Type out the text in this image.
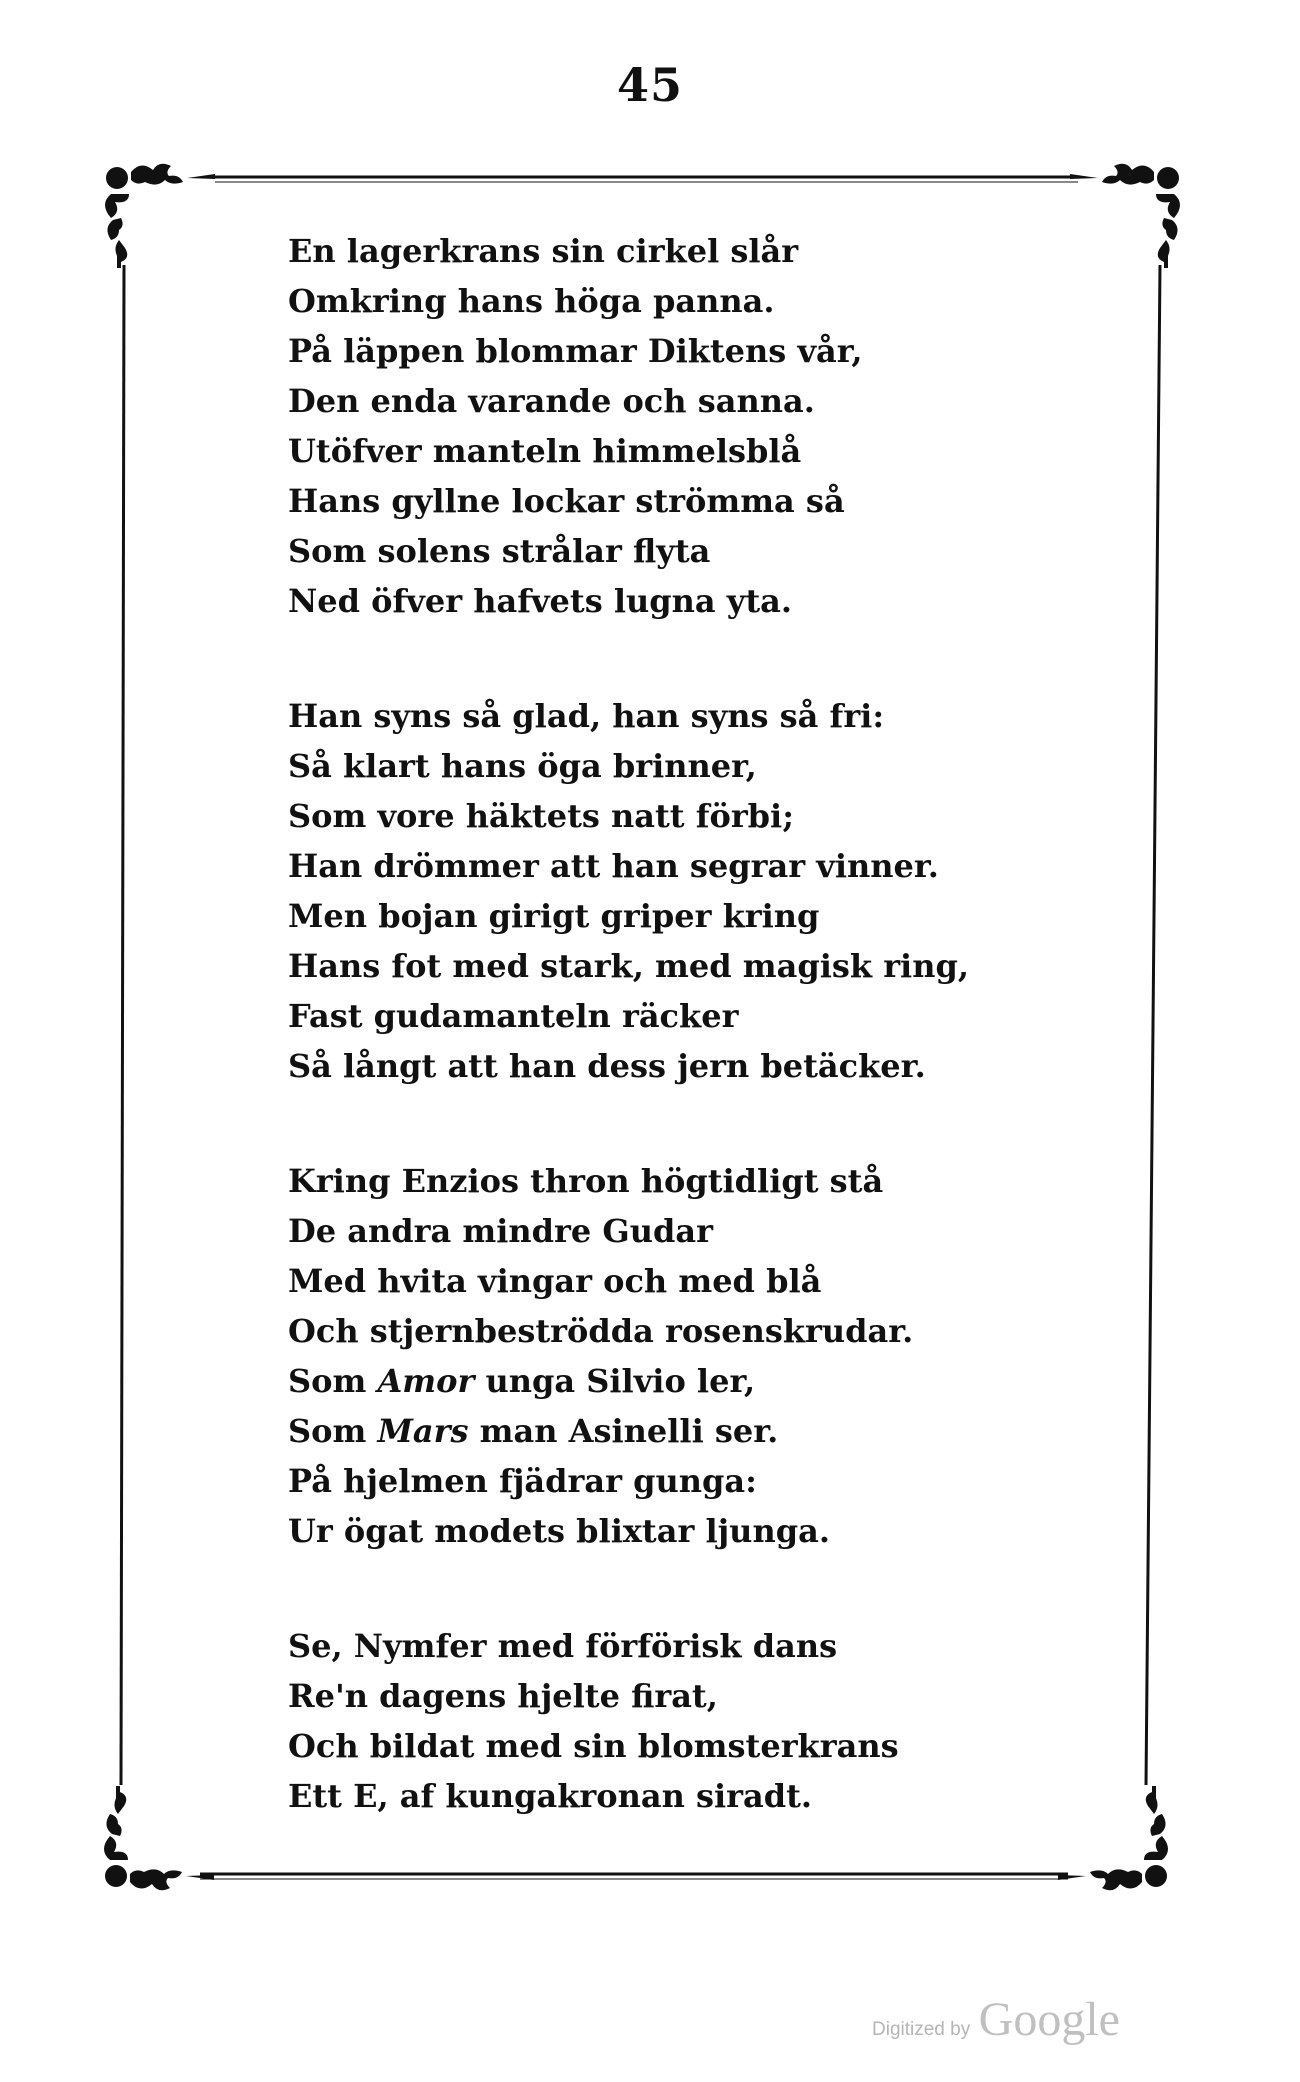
45
En lagerkrans sin cirkel slår
Omkring hans höga panna.
På läppen blommar Diktens vår,
Den enda varande och sanna.
Utöfver manteln himmelsblå
Hans gyllne lockar strömma så
Som solens strålar flyta
Ned öfver hafvets lugna yta.
Han syns så glad, han syns så fri:
Så klart hans öga brinner,
Som vore häktets natt förbi;
Han drömmer att han segrar vinner.
Men bojan girigt griper kring
Hans fot med stark, med magisk ring,
Fast gudamanteln räcker
Så långt att han dess jern betäcker.
Kring Enzios thron högtidligt stå
De andra mindre Gudar
Med hvita vingar och med blå
Och stjernbeströdda rosenskrudar.
Som Amor unga Silvio ler,
Som Mars man Asinelli ser.
På hjelmen fjädrar gunga:
Ur ögat modets blixtar ljunga.
Se, Nymfer med förförisk dans
Re'n dagens hjelte firat,
Och bildat med sin blomsterkrans
Ett E, af kungakronan siradt.
Digitized by Google
